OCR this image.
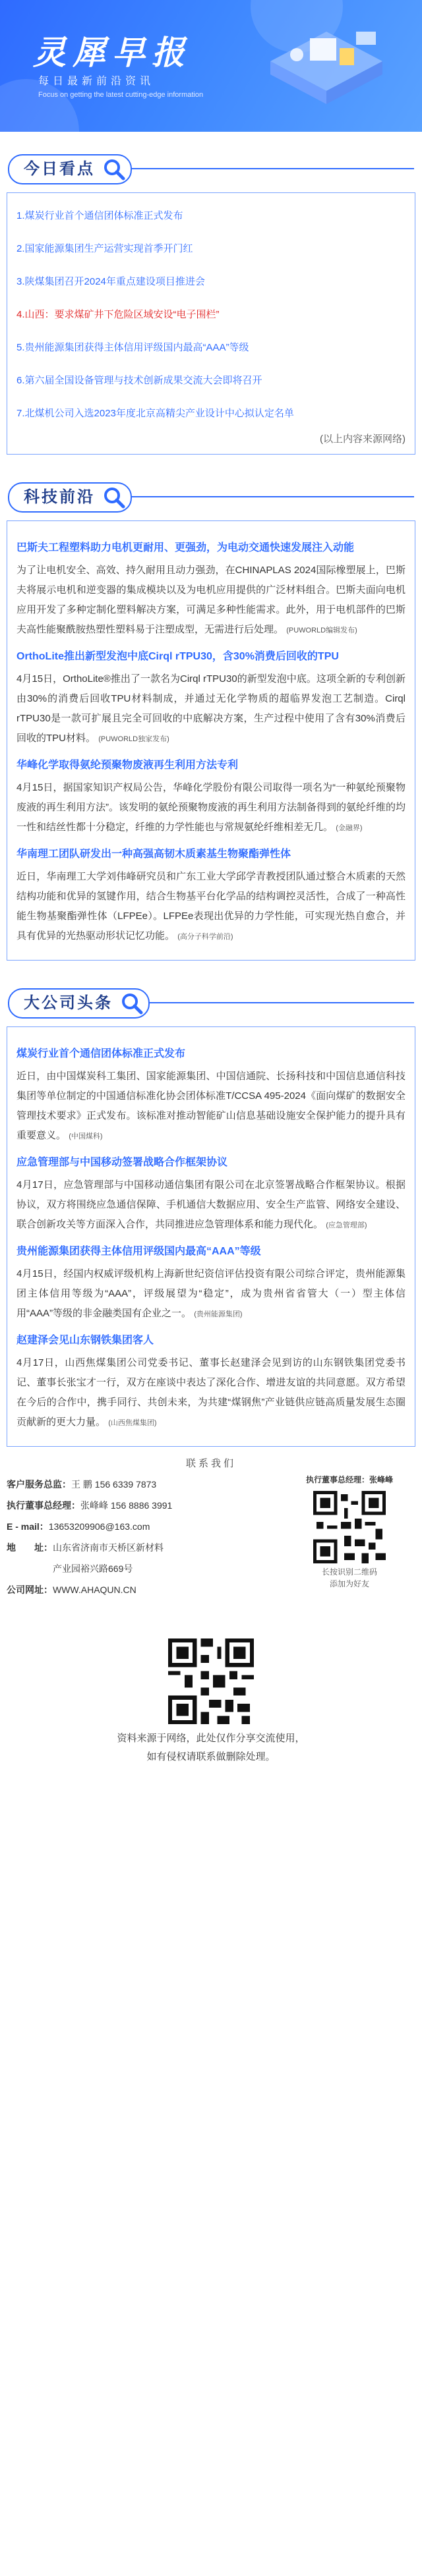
灵犀早报
每日最新前沿资讯
Focus on getting the latest cutting-edge information
今日看点
1.煤炭行业首个通信团体标准正式发布
2.国家能源集团生产运营实现首季开门红
3.陕煤集团召开2024年重点建设项目推进会
4.山西：要求煤矿井下危险区域安设“电子围栏”
5.贵州能源集团获得主体信用评级国内最高“AAA”等级
6.第六届全国设备管理与技术创新成果交流大会即将召开
7.北煤机公司入选2023年度北京高精尖产业设计中心拟认定名单
(以上内容来源网络)
科技前沿
巴斯夫工程塑料助力电机更耐用、更强劲，为电动交通快速发展注入动能
为了让电机安全、高效、持久耐用且动力强劲，在CHINAPLAS 2024国际橡塑展上，巴斯夫将展示电机和逆变器的集成模块以及为电机应用提供的广泛材料组合。巴斯夫面向电机应用开发了多种定制化塑料解决方案，可满足多种性能需求。此外，用于电机部件的巴斯夫高性能聚酰胺热塑性塑料易于注塑成型，无需进行后处理。 (PUWORLD编辑发布)
OrthoLite推出新型发泡中底Cirql rTPU30，含30%消费后回收的TPU
4月15日，OrthoLite®推出了一款名为Cirql rTPU30的新型发泡中底。这项全新的专利创新由30%的消费后回收TPU材料制成，并通过无化学物质的超临界发泡工艺制造。Cirql rTPU30是一款可扩展且完全可回收的中底解决方案，生产过程中使用了含有30%消费后回收的TPU材料。 (PUWORLD独家发布)
华峰化学取得氨纶预聚物废液再生利用方法专利
4月15日，据国家知识产权局公告，华峰化学股份有限公司取得一项名为“一种氨纶预聚物废液的再生利用方法”。该发明的氨纶预聚物废液的再生利用方法制备得到的氨纶纤维的均一性和结丝性都十分稳定，纤维的力学性能也与常规氨纶纤维相差无几。 (金融界)
华南理工团队研发出一种高强高韧木质素基生物聚酯弹性体
近日，华南理工大学刘伟峰研究员和广东工业大学邱学青教授团队通过整合木质素的天然结构功能和优异的氢键作用，结合生物基平台化学品的结构调控灵活性，合成了一种高性能生物基聚酯弹性体（LFPEe）。LFPEe表现出优异的力学性能，可实现光热自愈合，并具有优异的光热驱动形状记忆功能。 (高分子科学前沿)
大公司头条
煤炭行业首个通信团体标准正式发布
近日，由中国煤炭科工集团、国家能源集团、中国信通院、长扬科技和中国信息通信科技集团等单位制定的中国通信标准化协会团体标准T/CCSA 495-2024《面向煤矿的数据安全管理技术要求》正式发布。该标准对推动智能矿山信息基础设施安全保护能力的提升具有重要意义。 (中国煤科)
应急管理部与中国移动签署战略合作框架协议
4月17日，应急管理部与中国移动通信集团有限公司在北京签署战略合作框架协议。根据协议，双方将围绕应急通信保障、手机通信大数据应用、安全生产监管、网络安全建设、联合创新攻关等方面深入合作，共同推进应急管理体系和能力现代化。 (应急管理部)
贵州能源集团获得主体信用评级国内最高“AAA”等级
4月15日，经国内权威评级机构上海新世纪资信评估投资有限公司综合评定，贵州能源集团主体信用等级为“AAA”，评级展望为“稳定”，成为贵州省省管大（一）型主体信用“AAA”等级的非金融类国有企业之一。 (贵州能源集团)
赵建泽会见山东钢铁集团客人
4月17日，山西焦煤集团公司党委书记、董事长赵建泽会见到访的山东钢铁集团党委书记、董事长张宝才一行，双方在座谈中表达了深化合作、增进友谊的共同意愿。双方希望在今后的合作中，携手同行、共创未来，为共建“煤钢焦”产业链供应链高质量发展生态圈贡献新的更大力量。 (山西焦煤集团)
联系我们
客户服务总监：王 鹏 156 6339 7873
执行董事总经理：张峰峰 156 8886 3991
E - mail：13653209906@163.com
地　　址：山东省济南市天桥区新材料
产业园裕兴路669号
公司网址：WWW.AHAQUN.CN
执行董事总经理：张峰峰
长按识别二维码
添加为好友
资料来源于网络，此处仅作分享交流使用，
如有侵权请联系做删除处理。
